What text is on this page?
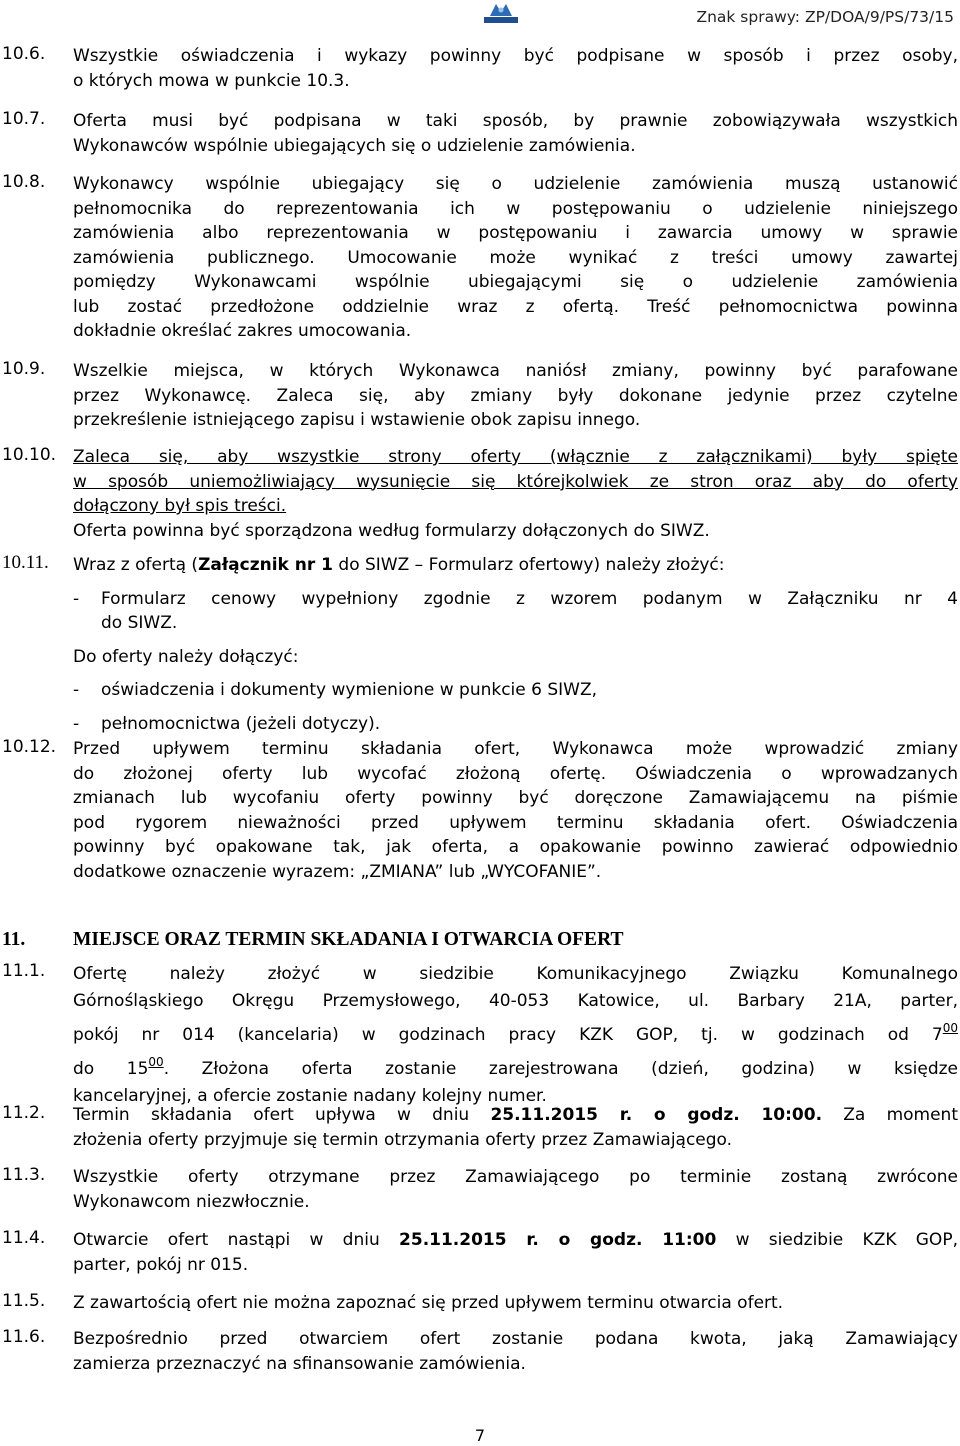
Znak sprawy: ZP/DOA/9/PS/73/15
10.6. Wszystkie oświadczenia i wykazy powinny być podpisane w sposób i przez osoby,
o których mowa w punkcie 10.3.
10.7. Oferta musi być podpisana w taki sposób, by prawnie zobowiązywała wszystkich
Wykonawców wspólnie ubiegających się o udzielenie zamówienia.
10.8. Wykonawcy wspólnie ubiegający się o udzielenie zamówienia muszą ustanowić
pełnomocnika do reprezentowania ich w postępowaniu o udzielenie niniejszego
zamówienia albo reprezentowania w postępowaniu i zawarcia umowy w sprawie
zamówienia publicznego. Umocowanie może wynikać z treści umowy zawartej
pomiędzy Wykonawcami wspólnie ubiegającymi się o udzielenie zamówienia
lub zostać przedłożone oddzielnie wraz z ofertą. Treść pełnomocnictwa powinna
dokładnie określać zakres umocowania.
10.9. Wszelkie miejsca, w których Wykonawca naniósł zmiany, powinny być parafowane
przez Wykonawcę. Zaleca się, aby zmiany były dokonane jedynie przez czytelne
przekreślenie istniejącego zapisu i wstawienie obok zapisu innego.
10.10. Zaleca się, aby wszystkie strony oferty (włącznie z załącznikami) były spięte
w sposób uniemożliwiający wysunięcie się którejkolwiek ze stron oraz aby do oferty
dołączony był spis treści.
Oferta powinna być sporządzona według formularzy dołączonych do SIWZ.
10.11. Wraz z ofertą (Załącznik nr 1 do SIWZ – Formularz ofertowy) należy złożyć:
- Formularz cenowy wypełniony zgodnie z wzorem podanym w Załączniku nr 4
do SIWZ.
Do oferty należy dołączyć:
- oświadczenia i dokumenty wymienione w punkcie 6 SIWZ,
- pełnomocnictwa (jeżeli dotyczy).
10.12. Przed upływem terminu składania ofert, Wykonawca może wprowadzić zmiany
do złożonej oferty lub wycofać złożoną ofertę. Oświadczenia o wprowadzanych
zmianach lub wycofaniu oferty powinny być doręczone Zamawiającemu na piśmie
pod rygorem nieważności przed upływem terminu składania ofert. Oświadczenia
powinny być opakowane tak, jak oferta, a opakowanie powinno zawierać odpowiednio
dodatkowe oznaczenie wyrazem: „ZMIANA” lub „WYCOFANIE”.
11. MIEJSCE ORAZ TERMIN SKŁADANIA I OTWARCIA OFERT
11.1. Ofertę należy złożyć w siedzibie Komunikacyjnego Związku Komunalnego
Górnośląskiego Okręgu Przemysłowego, 40-053 Katowice, ul. Barbary 21A, parter,
pokój nr 014 (kancelaria) w godzinach pracy KZK GOP, tj. w godzinach od $7^{00}$
do $15^{00}$. Złożona oferta zostanie zarejestrowana (dzień, godzina) w księdze
kancelaryjnej, a ofercie zostanie nadany kolejny numer.
11.2. Termin składania ofert upływa w dniu 25.11.2015 r. o godz. 10:00. Za moment
złożenia oferty przyjmuje się termin otrzymania oferty przez Zamawiającego.
11.3. Wszystkie oferty otrzymane przez Zamawiającego po terminie zostaną zwrócone
Wykonawcom niezwłocznie.
11.4. Otwarcie ofert nastąpi w dniu 25.11.2015 r. o godz. 11:00 w siedzibie KZK GOP,
parter, pokój nr 015.
11.5. Z zawartością ofert nie można zapoznać się przed upływem terminu otwarcia ofert.
11.6. Bezpośrednio przed otwarciem ofert zostanie podana kwota, jaką Zamawiający
zamierza przeznaczyć na sfinansowanie zamówienia.
7
